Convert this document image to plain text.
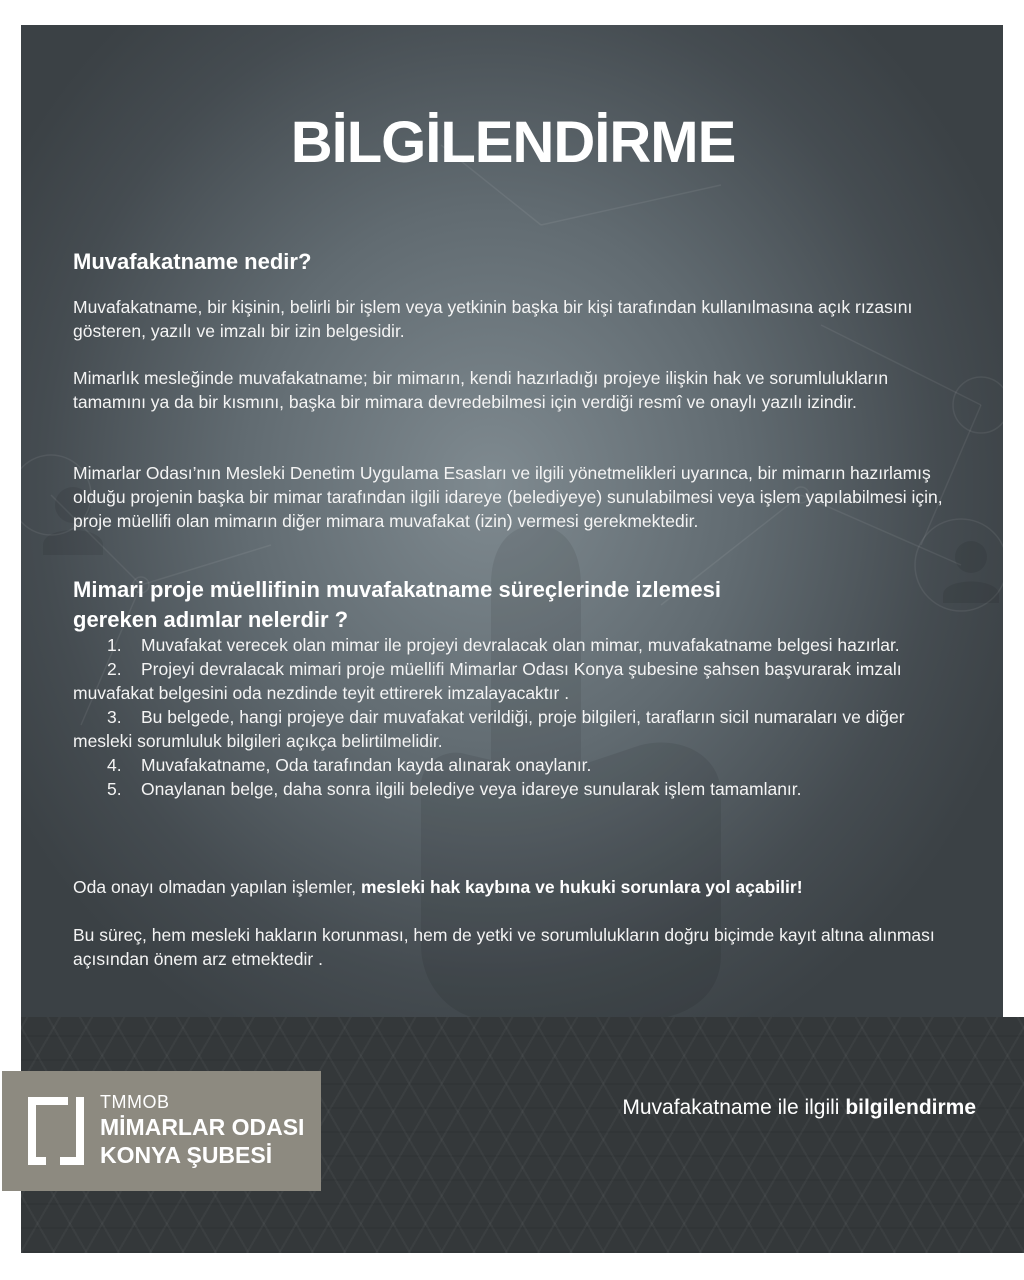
BİLGİLENDİRME
Muvafakatname nedir?

Muvafakatname, bir kişinin, belirli bir işlem veya yetkinin başka bir kişi tarafından kullanılmasına açık rızasını gösteren, yazılı ve imzalı bir izin belgesidir.

Mimarlık mesleğinde muvafakatname; bir mimarın, kendi hazırladığı projeye ilişkin hak ve sorumlulukların tamamını ya da bir kısmını, başka bir mimara devredebilmesi için verdiği resmî ve onaylı yazılı izindir.

Mimarlar Odası’nın Mesleki Denetim Uygulama Esasları ve ilgili yönetmelikleri uyarınca, bir mimarın hazırlamış olduğu projenin başka bir mimar tarafından ilgili idareye (belediyeye) sunulabilmesi veya işlem yapılabilmesi için, proje müellifi olan mimarın diğer mimara muvafakat (izin) vermesi gerekmektedir.

Mimari proje müellifinin muvafakatname süreçlerinde izlemesi
gereken adımlar nelerdir ?
1. Muvafakat verecek olan mimar ile projeyi devralacak olan mimar, muvafakatname belgesi hazırlar.
2. Projeyi devralacak mimari proje müellifi Mimarlar Odası Konya şubesine şahsen başvurarak imzalı muvafakat belgesini oda nezdinde teyit ettirerek imzalayacaktır .
3. Bu belgede, hangi projeye dair muvafakat verildiği, proje bilgileri, tarafların sicil numaraları ve diğer mesleki sorumluluk bilgileri açıkça belirtilmelidir.
4. Muvafakatname, Oda tarafından kayda alınarak onaylanır.
5. Onaylanan belge, daha sonra ilgili belediye veya idareye sunularak işlem tamamlanır.

Oda onayı olmadan yapılan işlemler, mesleki hak kaybına ve hukuki sorunlara yol açabilir!

Bu süreç, hem mesleki hakların korunması, hem de yetki ve sorumlulukların doğru biçimde kayıt altına alınması açısından önem arz etmektedir .

TMMOB
MİMARLAR ODASI
KONYA ŞUBESİ

Muvafakatname ile ilgili bilgilendirme
